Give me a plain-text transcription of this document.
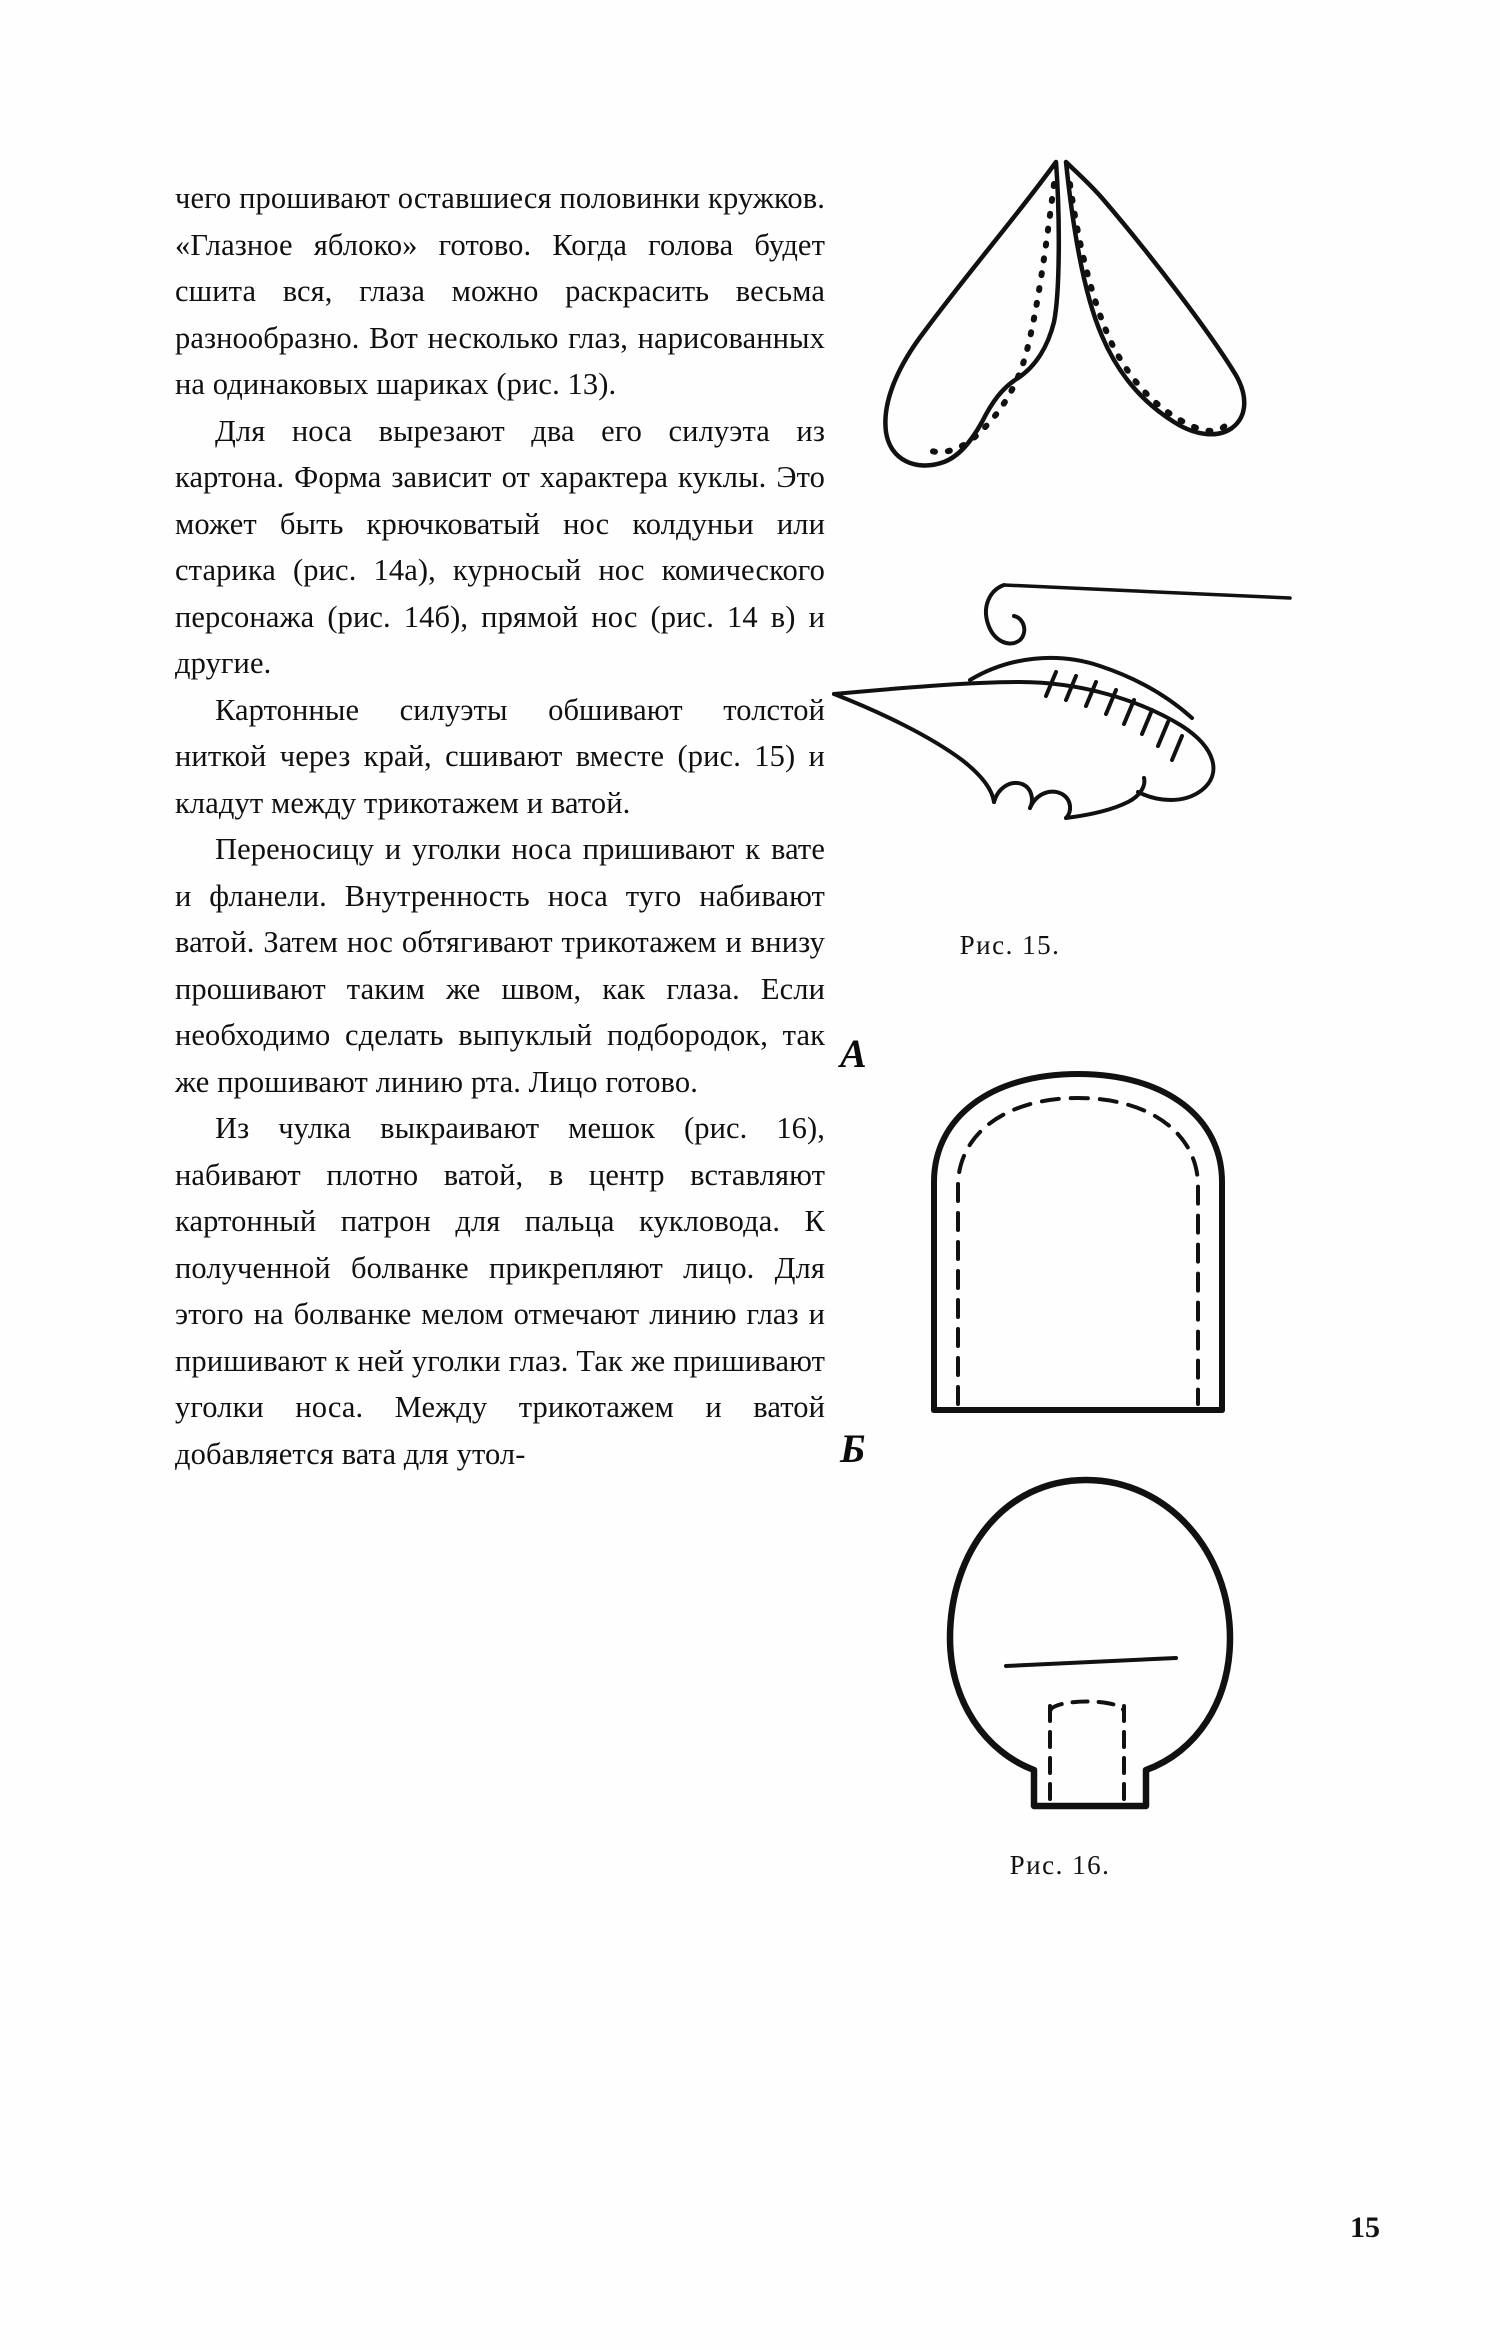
чего прошивают оставшиеся половинки кружков. «Глазное яблоко» готово. Когда голова будет сшита вся, глаза можно раскрасить весьма разнообразно. Вот несколько глаз, нарисованных на одинаковых шариках (рис. 13).

Для носа вырезают два его силуэта из картона. Форма зависит от характера куклы. Это может быть крючковатый нос колдуньи или старика (рис. 14а), курносый нос комического персонажа (рис. 14б), прямой нос (рис. 14 в) и другие.

Картонные силуэты обшивают толстой ниткой через край, сшивают вместе (рис. 15) и кладут между трикотажем и ватой.

Переносицу и уголки носа пришивают к вате и фланели. Внутренность носа туго набивают ватой. Затем нос обтягивают трикотажем и внизу прошивают таким же швом, как глаза. Если необходимо сделать выпуклый подбородок, так же прошивают линию рта. Лицо готово.

Из чулка выкраивают мешок (рис. 16), набивают плотно ватой, в центр вставляют картонный патрон для пальца кукловода. К полученной болванке прикрепляют лицо. Для этого на болванке мелом отмечают линию глаз и пришивают к ней уголки глаз. Так же пришивают уголки носа. Между трикотажем и ватой добавляется вата для утол-

Рис. 15.
А
Б
Рис. 16.
15
